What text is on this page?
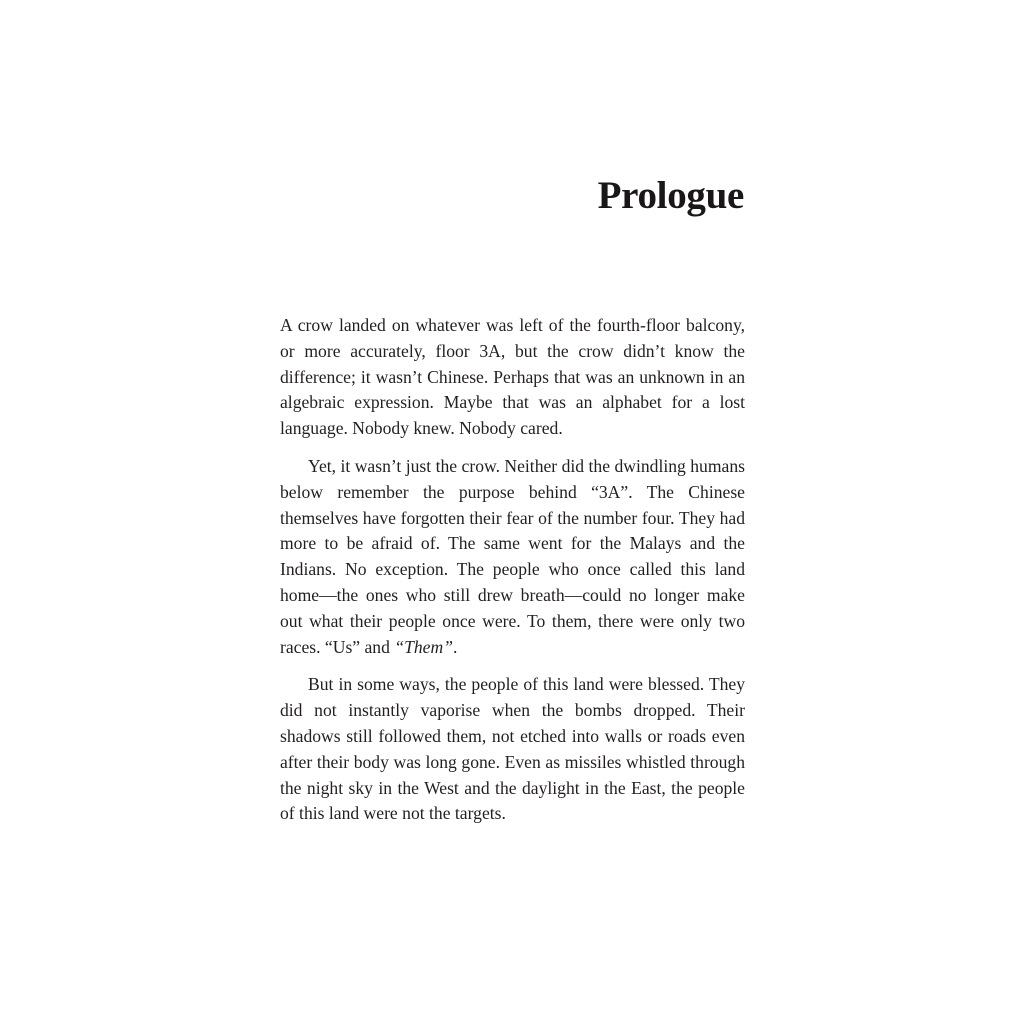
Prologue

A crow landed on whatever was left of the fourth-floor balcony, or more accurately, floor 3A, but the crow didn’t know the difference; it wasn’t Chinese. Perhaps that was an unknown in an algebraic expression. Maybe that was an alphabet for a lost language. Nobody knew. Nobody cared.

Yet, it wasn’t just the crow. Neither did the dwindling humans below remember the purpose behind “3A”. The Chinese themselves have forgotten their fear of the number four. They had more to be afraid of. The same went for the Malays and the Indians. No exception. The people who once called this land home—the ones who still drew breath—could no longer make out what their people once were. To them, there were only two races. “Us” and “Them”.

But in some ways, the people of this land were blessed. They did not instantly vaporise when the bombs dropped. Their shadows still followed them, not etched into walls or roads even after their body was long gone. Even as missiles whistled through the night sky in the West and the daylight in the East, the people of this land were not the targets.
